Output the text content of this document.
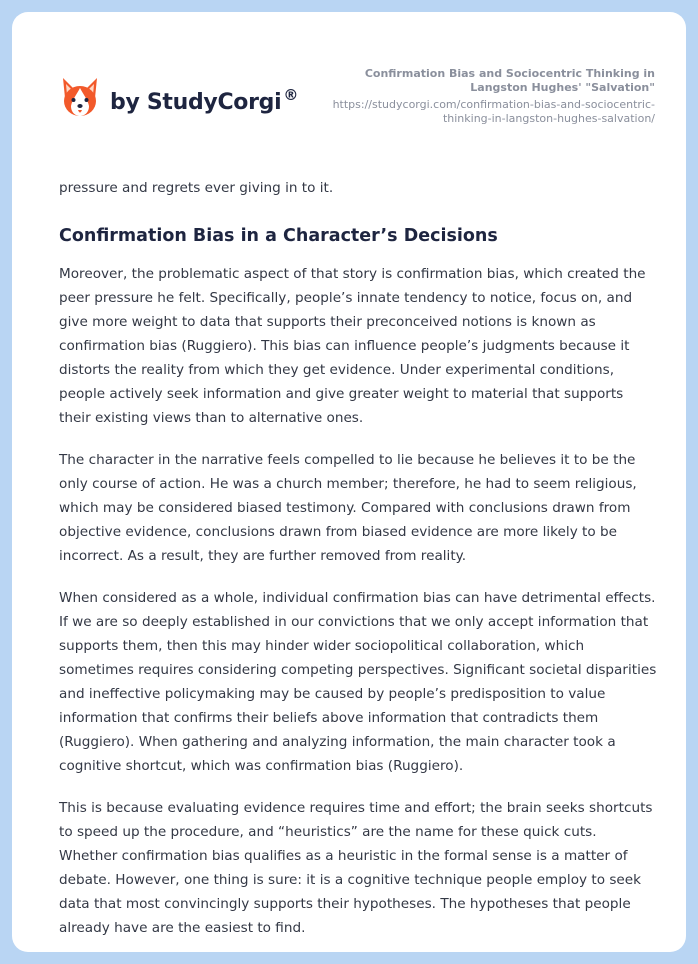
by StudyCorgi ®
Confirmation Bias and Sociocentric Thinking in Langston Hughes' "Salvation"
https://studycorgi.com/confirmation-bias-and-sociocentric-thinking-in-langston-hughes-salvation/

pressure and regrets ever giving in to it.

Confirmation Bias in a Character’s Decisions

Moreover, the problematic aspect of that story is confirmation bias, which created the peer pressure he felt. Specifically, people’s innate tendency to notice, focus on, and give more weight to data that supports their preconceived notions is known as confirmation bias (Ruggiero). This bias can influence people’s judgments because it distorts the reality from which they get evidence. Under experimental conditions, people actively seek information and give greater weight to material that supports their existing views than to alternative ones.

The character in the narrative feels compelled to lie because he believes it to be the only course of action. He was a church member; therefore, he had to seem religious, which may be considered biased testimony. Compared with conclusions drawn from objective evidence, conclusions drawn from biased evidence are more likely to be incorrect. As a result, they are further removed from reality.

When considered as a whole, individual confirmation bias can have detrimental effects. If we are so deeply established in our convictions that we only accept information that supports them, then this may hinder wider sociopolitical collaboration, which sometimes requires considering competing perspectives. Significant societal disparities and ineffective policymaking may be caused by people’s predisposition to value information that confirms their beliefs above information that contradicts them (Ruggiero). When gathering and analyzing information, the main character took a cognitive shortcut, which was confirmation bias (Ruggiero).

This is because evaluating evidence requires time and effort; the brain seeks shortcuts to speed up the procedure, and “heuristics” are the name for these quick cuts. Whether confirmation bias qualifies as a heuristic in the formal sense is a matter of debate. However, one thing is sure: it is a cognitive technique people employ to seek data that most convincingly supports their hypotheses. The hypotheses that people already have are the easiest to find.
